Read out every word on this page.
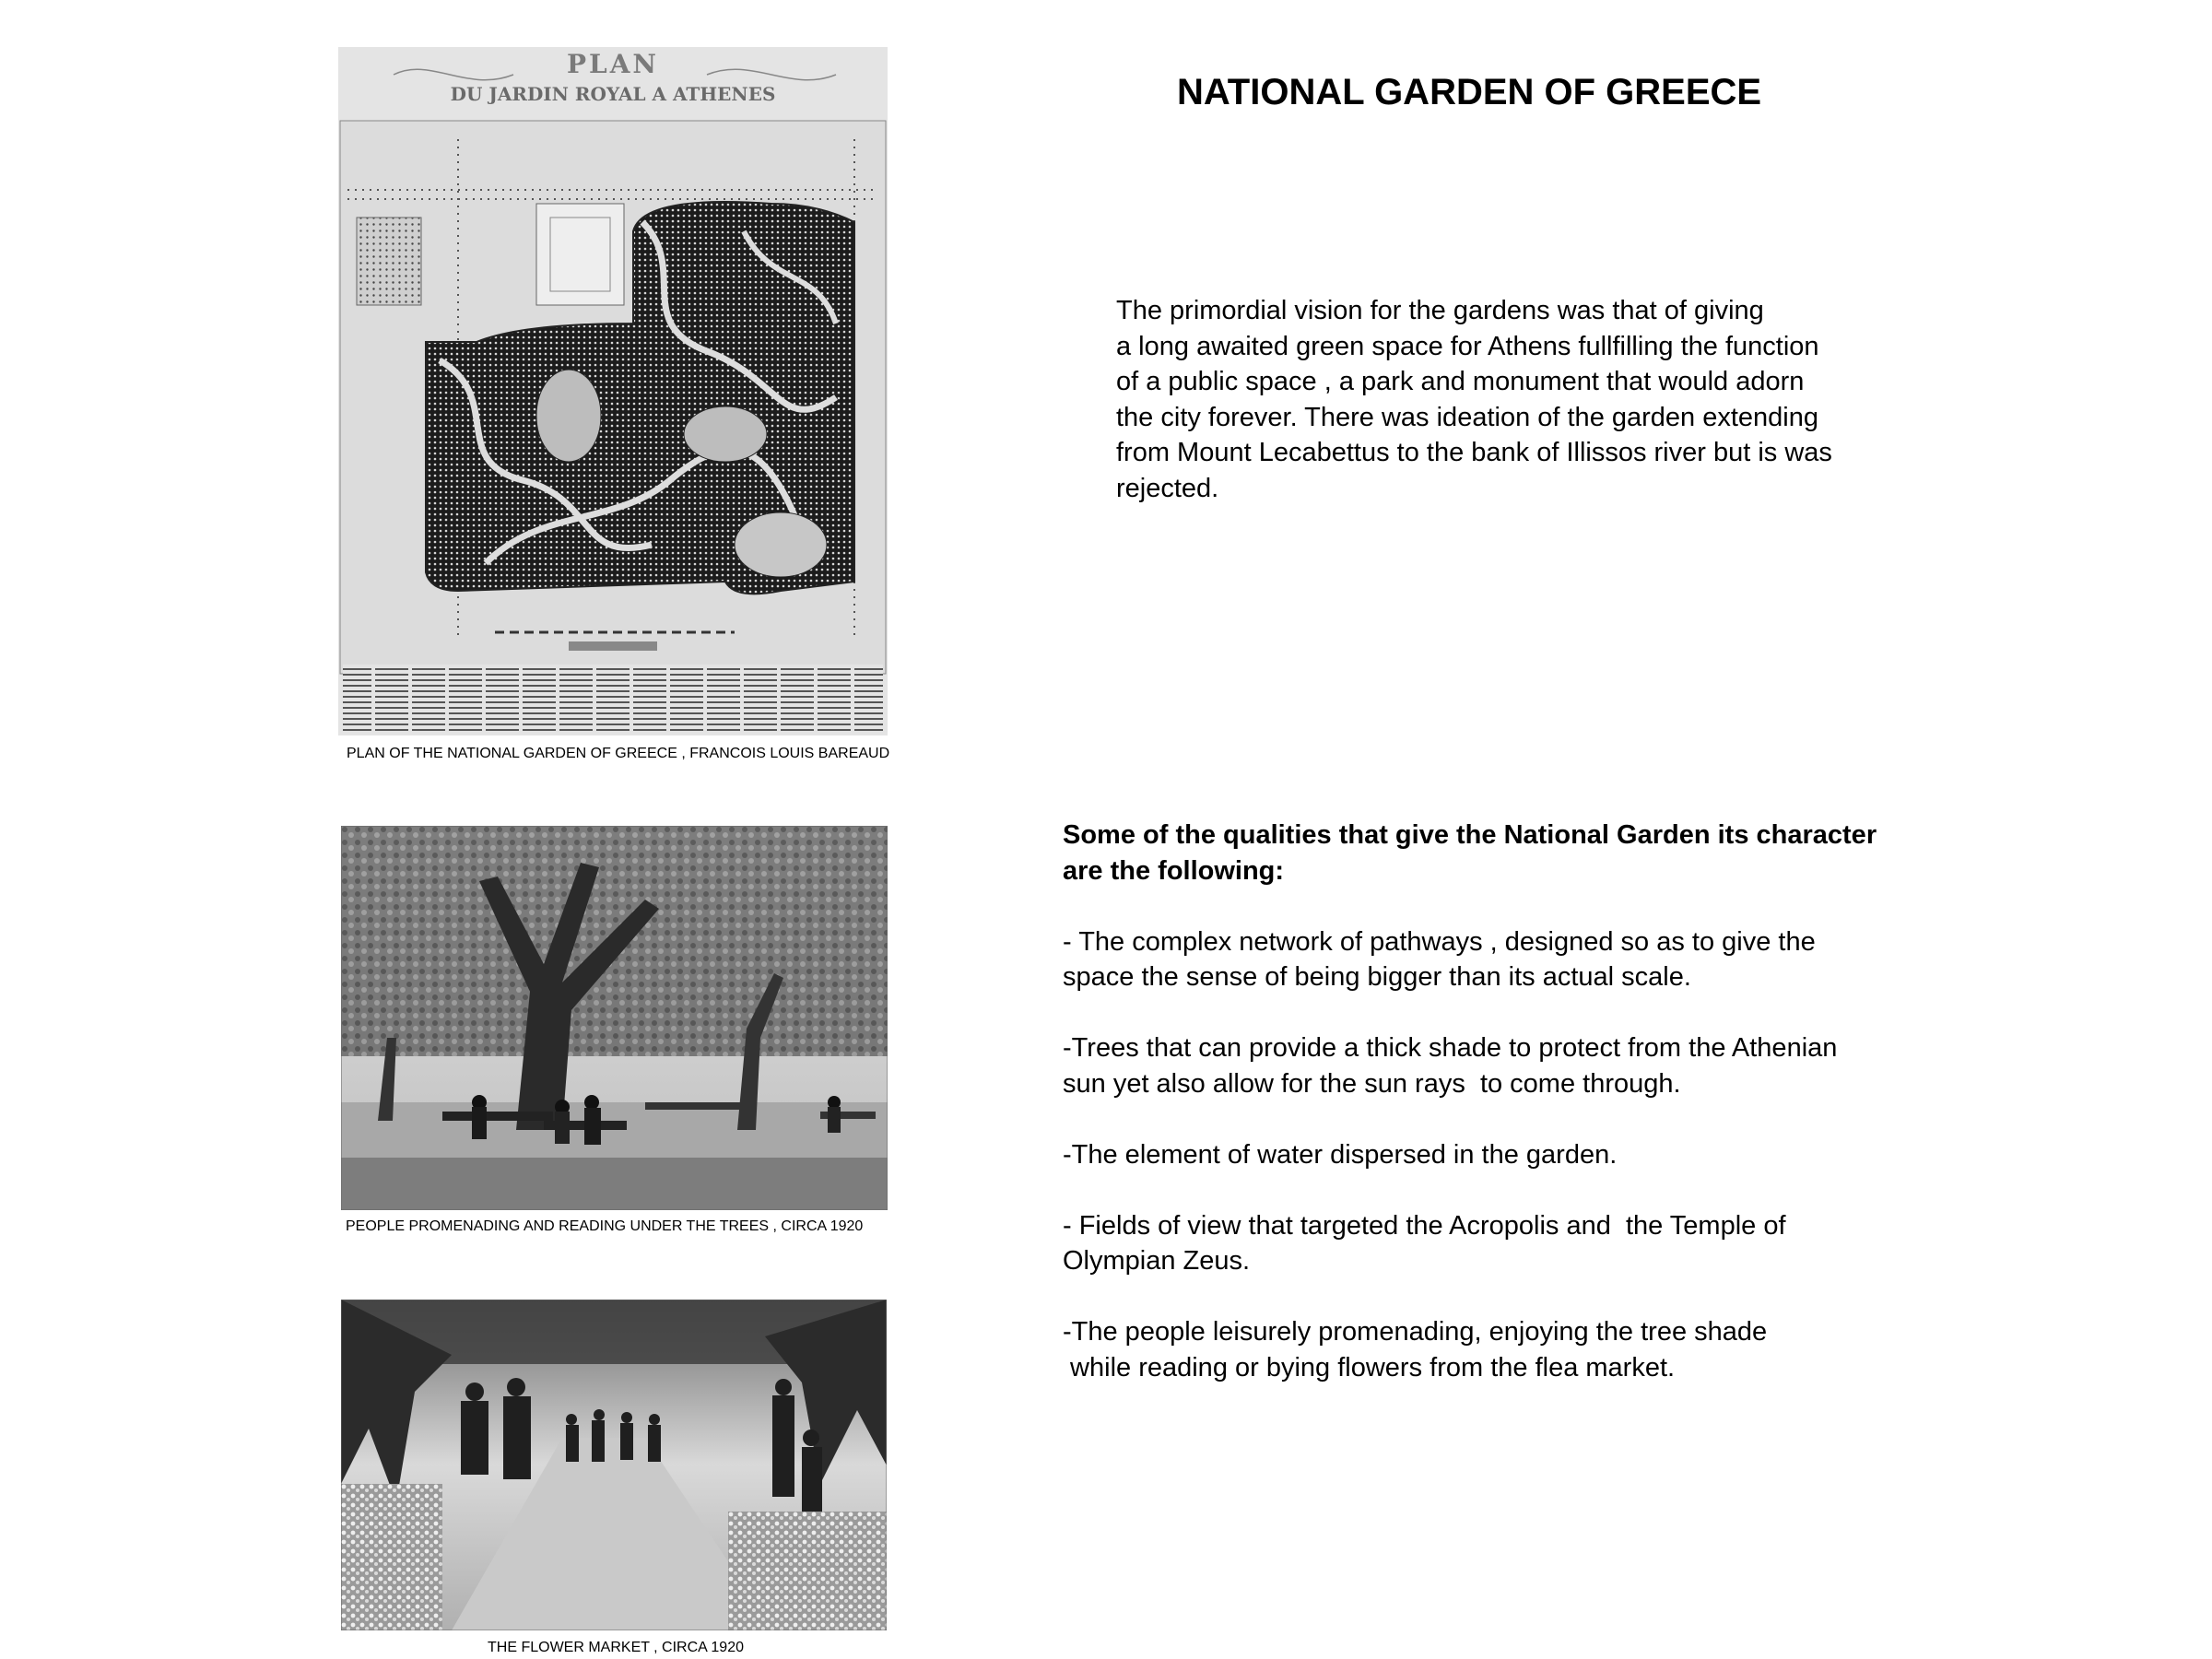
PLAN
DU JARDIN ROYAL A ATHENES
PLAN OF THE NATIONAL GARDEN OF GREECE , FRANCOIS LOUIS BAREAUD
PEOPLE PROMENADING AND READING UNDER THE TREES , CIRCA 1920
THE FLOWER MARKET , CIRCA 1920
NATIONAL GARDEN OF GREECE
The primordial vision for the gardens was that of giving
a long awaited green space for Athens fullfilling the function
of a public space , a park and monument that would adorn
the city forever. There was ideation of the garden extending
from Mount Lecabettus to the bank of Illissos river but is was
rejected.
Some of the qualities that give the National Garden its character
are the following:
- The complex network of pathways , designed so as to give the
space the sense of being bigger than its actual scale.
-Trees that can provide a thick shade to protect from the Athenian
sun yet also allow for the sun rays  to come through.
-The element of water dispersed in the garden.
- Fields of view that targeted the Acropolis and  the Temple of
Olympian Zeus.
-The people leisurely promenading, enjoying the tree shade
while reading or bying flowers from the flea market.
